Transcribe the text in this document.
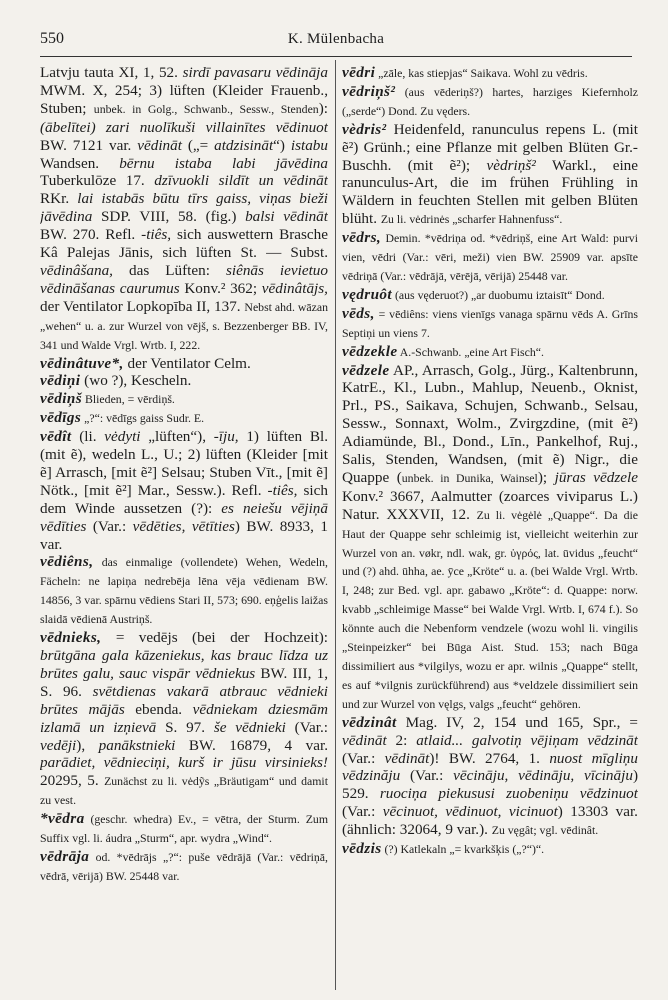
550	K. Mülenbacha

Latvju tauta XI, 1, 52. sirdī pavasaru vēdināja MWM. X, 254; 3) lüften (Kleider Frauenb., Stuben; unbek. in Golg., Schwanb., Sessw., Stenden): (ābelītei) zari nuolīkuši villainītes vēdinuot BW. 7121 var. vēdināt („= atdzisināt“) istabu Wandsen. bērnu istaba labi jāvēdina Tuberkulōze 17. dzīvuokli sildīt un vēdināt RKr. lai istabās būtu tīrs gaiss, viņas bieži jāvēdina SDP. VIII, 58. (fig.) balsi vēdināt BW. 270. Refl. -tiês, sich auswettern Brasche Kâ Palejas Jānis, sich lüften St. — Subst. vēdinâšana, das Lüften: siênās ievietuo vēdināšanas caurumus Konv.² 362; vēdinâtājs, der Ventilator Lopkopība II, 137. Nebst ahd. wāzan „wehen“ u. a. zur Wurzel von vējš, s. Bezzenberger BB. IV, 341 und Walde Vrgl. Wrtb. I, 222.

vēdinâtuve*, der Ventilator Celm.

vēdiņi (wo ?), Kescheln.

vēdiņš Blieden, = vērdiņš.

vēdīgs „?“: vēdīgs gaiss Sudr. E.

vēdît (li. vėdyti „lüften“), -īju, 1) lüften Bl. (mit ẽ), wedeln L., U.; 2) lüften (Kleider [mit ẽ] Arrasch, [mit ẽ²] Selsau; Stuben Vīt., [mit ẽ] Nötk., [mit ẽ²] Mar., Sessw.). Refl. -tiês, sich dem Winde aussetzen (?): es neiešu vējiņā vēdīties (Var.: vēdēties, vētīties) BW. 8933, 1 var.

vēdiêns, das einmalige (vollendete) Wehen, Wedeln, Fächeln: ne lapiņa nedrebēja lēna vēja vēdienam BW. 14856, 3 var. spārnu vēdiens Stari II, 573; 690. eņģelis laižas slaidā vēdienā Austriņš.

vēdnieks, = vedējs (bei der Hochzeit): brūtgāna gala kāzeniekus, kas brauc līdza uz brūtes galu, sauc vispār vēdniekus BW. III, 1, S. 96. svētdienas vakarā atbrauc vēdnieki brūtes mājās ebenda. vēdniekam dziesmām izlamā un izņievā S. 97. še vēdnieki (Var.: vedēji), panākstnieki BW. 16879, 4 var. parādiet, vēdnieciņi, kurš ir jūsu virsinieks! 20295, 5. Zunächst zu li. vėdỹs „Bräutigam“ und damit zu vest.

*vēdra (geschr. whedra) Ev., = vētra, der Sturm. Zum Suffix vgl. li. áudra „Sturm“, apr. wydra „Wind“.

vēdrāja od. *vēdrājs „?“: puše vēdrājā (Var.: vēdriņā, vēdrā, vērijā) BW. 25448 var.

vēdri „zāle, kas stiepjas“ Saikava. Wohl zu vēdris.

vēdriņš² (aus vēderiņš?) hartes, harziges Kiefernholz („serde“) Dond. Zu vęders.

vèdris² Heidenfeld, ranunculus repens L. (mit ẽ²) Grünh.; eine Pflanze mit gelben Blüten Gr.-Buschh. (mit ẽ²); vèdriņš² Warkl., eine ranunculus-Art, die im frühen Frühling in Wäldern in feuchten Stellen mit gelben Blüten blüht. Zu li. vėdrinės „scharfer Hahnenfuss“.

vēdrs, Demin. *vēdriņa od. *vēdriņš, eine Art Wald: purvi vien, vēdri (Var.: vēri, meži) vien BW. 25909 var. apsīte vēdriņā (Var.: vēdrājā, vērējā, vērijā) 25448 var.

vędruôt (aus vęderuot?) „ar duobumu iztaisīt“ Dond.

vēds, = vēdiêns: viens vienīgs vanaga spārnu vēds A. Grīns Septiņi un viens 7.

vēdzekle A.-Schwanb. „eine Art Fisch“.

vēdzele AP., Arrasch, Golg., Jürg., Kaltenbrunn, KatrE., Kl., Lubn., Mahlup, Neuenb., Oknist, Prl., PS., Saikava, Schujen, Schwanb., Selsau, Sessw., Sonnaxt, Wolm., Zvirgzdine, (mit ẽ²) Adiamünde, Bl., Dond., Līn., Pankelhof, Ruj., Salis, Stenden, Wandsen, (mit ẽ) Nigr., die Quappe (unbek. in Dunika, Wainsel); jūras vēdzele Konv.² 3667, Aalmutter (zoarces viviparus L.) Natur. XXXVII, 12. Zu li. vėgėlė „Quappe“. Da die Haut der Quappe sehr schleimig ist, vielleicht weiterhin zur Wurzel von an. vøkr, ndl. wak, gr. ὑγρός, lat. ūvidus „feucht“ und (?) ahd. ūhha, ae. ȳce „Kröte“ u. a. (bei Walde Vrgl. Wrtb. I, 248; zur Bed. vgl. apr. gabawo „Kröte“: d. Quappe: norw. kvabb „schleimige Masse“ bei Walde Vrgl. Wrtb. I, 674 f.). So könnte auch die Nebenform vendzele (wozu wohl li. vingilis „Steinpeizker“ bei Būga Aist. Stud. 153; nach Būga dissimiliert aus *vilgilys, wozu er apr. wilnis „Quappe“ stellt, es auf *vilgnis zurückführend) aus *veldzele dissimiliert sein und zur Wurzel von vęlgs, valgs „feucht“ gehören.

vēdzinât Mag. IV, 2, 154 und 165, Spr., = vēdināt 2: atlaid... galvotiņ vējiņam vēdzināt (Var.: vēdināt)! BW. 2764, 1. nuost mīgliņu vēdzinăju (Var.: vēcināju, vēdināju, vīcināju) 529. ruociņa piekususi zuobeniņu vēdzinuot (Var.: vēcinuot, vēdinuot, vicinuot) 13303 var. (ähnlich: 32064, 9 var.). Zu vęgât; vgl. vēdinât.

vēdzis (?) Katlekaln „= kvarkšķis („?“)“.
